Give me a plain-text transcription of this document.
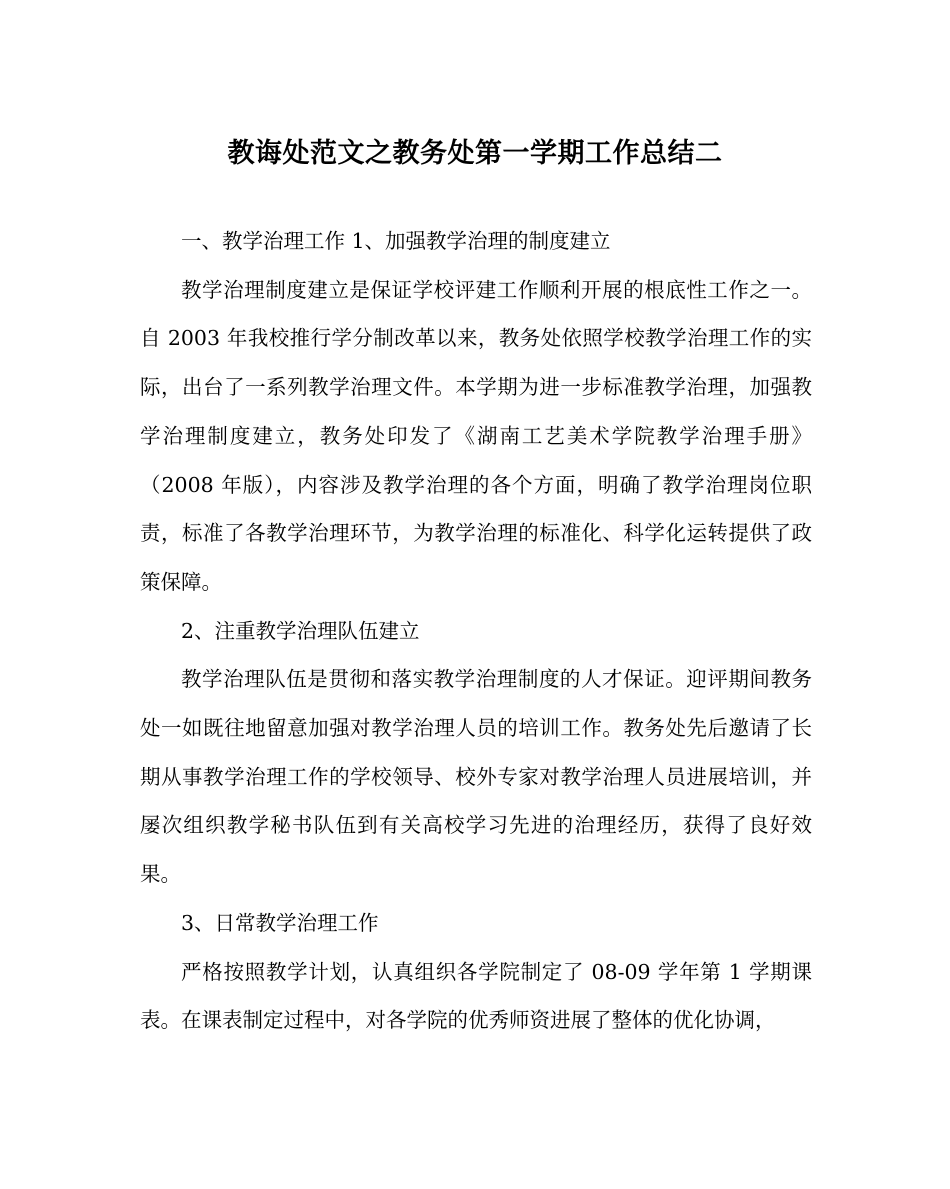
教诲处范文之教务处第一学期工作总结二

一、教学治理工作 1、加强教学治理的制度建立

教学治理制度建立是保证学校评建工作顺利开展的根底性工作之一。自 2003 年我校推行学分制改革以来，教务处依照学校教学治理工作的实际，出台了一系列教学治理文件。本学期为进一步标准教学治理，加强教学治理制度建立，教务处印发了《湖南工艺美术学院教学治理手册》（2008 年版），内容涉及教学治理的各个方面，明确了教学治理岗位职责，标准了各教学治理环节，为教学治理的标准化、科学化运转提供了政策保障。

2、注重教学治理队伍建立

教学治理队伍是贯彻和落实教学治理制度的人才保证。迎评期间教务处一如既往地留意加强对教学治理人员的培训工作。教务处先后邀请了长期从事教学治理工作的学校领导、校外专家对教学治理人员进展培训，并屡次组织教学秘书队伍到有关高校学习先进的治理经历，获得了良好效果。

3、日常教学治理工作

严格按照教学计划，认真组织各学院制定了 08-09 学年第 1 学期课表。在课表制定过程中，对各学院的优秀师资进展了整体的优化协调，
